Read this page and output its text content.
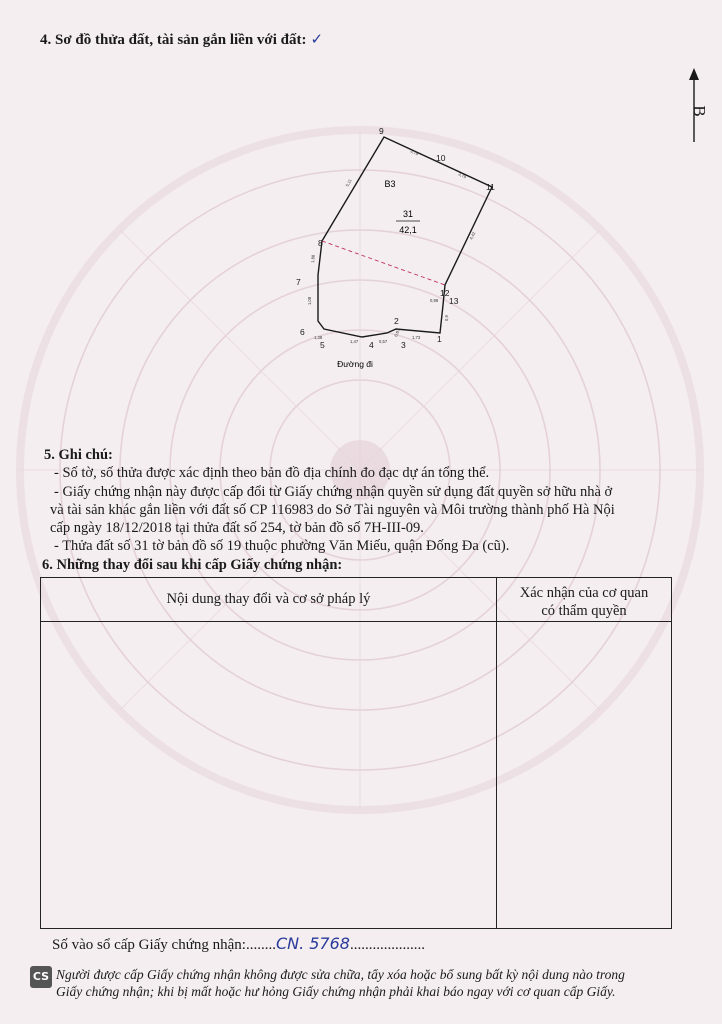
4. Sơ đồ thửa đất, tài sản gắn liền với đất: ✓
B
B3
31
42,1
9
10
11
8
7
12
13
6
2
1
5	4	3
5,11
3,79
3,79
4,42
1,88
1,08	0,98
0,9
1,38
1,47	0,57
0,63
1,73
Đường đi

5. Ghi chú:

- Số tờ, số thửa được xác định theo bản đồ địa chính đo đạc dự án tổng thể.

- Giấy chứng nhận này được cấp đổi từ Giấy chứng nhận quyền sử dụng đất quyền sở hữu nhà ở

và tài sản khác gắn liền với đất số CP 116983 do Sở Tài nguyên và Môi trường thành phố Hà Nội

cấp ngày 18/12/2018 tại thửa đất số 254, tờ bản đồ số 7H-III-09.

- Thửa đất số 31 tờ bản đồ số 19 thuộc phường Văn Miếu, quận Đống Đa (cũ).

6. Những thay đổi sau khi cấp Giấy chứng nhận:
Nội dung thay đổi và cơ sở pháp lý	Xác nhận của cơ quan
có thẩm quyền
Số vào sổ cấp Giấy chứng nhận:........CN. 5768....................
CS Người được cấp Giấy chứng nhận không được sửa chữa, tẩy xóa hoặc bổ sung bất kỳ nội dung nào trong

Giấy chứng nhận; khi bị mất hoặc hư hỏng Giấy chứng nhận phải khai báo ngay với cơ quan cấp Giấy.
